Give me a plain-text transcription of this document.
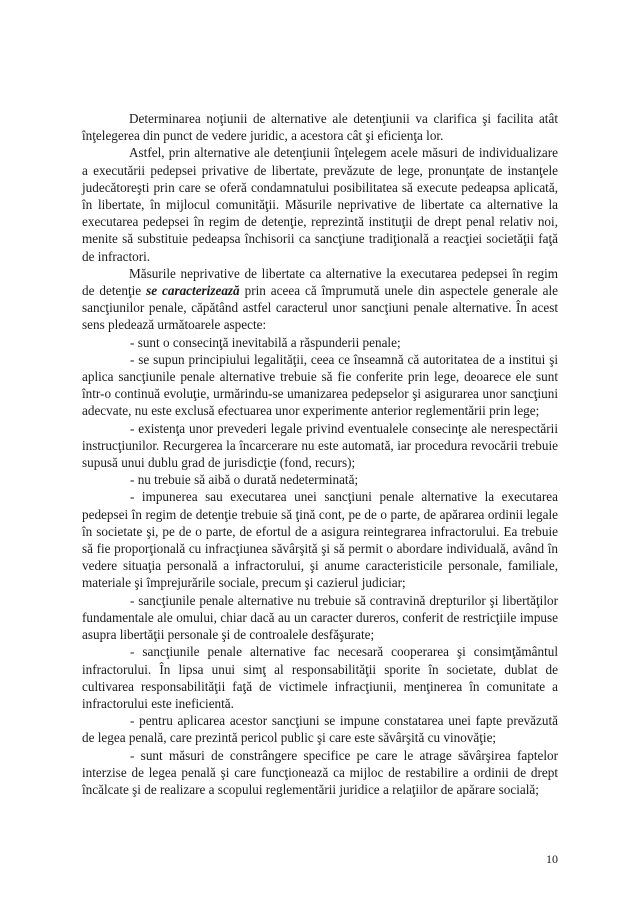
Determinarea noţiunii de alternative ale detenţiunii va clarifica şi facilita atât înţelegerea din punct de vedere juridic, a acestora cât şi eficienţa lor.

Astfel, prin alternative ale detenţiunii înţelegem acele măsuri de individualizare a executării pedepsei privative de libertate, prevăzute de lege, pronunţate de instanţele judecătoreşti prin care se oferă condamnatului posibilitatea să execute pedeapsa aplicată, în libertate, în mijlocul comunităţii. Măsurile neprivative de libertate ca alternative la executarea pedepsei în regim de detenţie, reprezintă instituţii de drept penal relativ noi, menite să substituie pedeapsa închisorii ca sancţiune tradiţională a reacţiei societăţii faţă de infractori.

Măsurile neprivative de libertate ca alternative la executarea pedepsei în regim de detenţie se caracterizează prin aceea că împrumută unele din aspectele generale ale sancţiunilor penale, căpătând astfel caracterul unor sancţiuni penale alternative. În acest sens pledează următoarele aspecte:

- sunt o consecinţă inevitabilă a răspunderii penale;

- se supun principiului legalităţii, ceea ce înseamnă că autoritatea de a institui şi aplica sancţiunile penale alternative trebuie să fie conferite prin lege, deoarece ele sunt într-o continuă evoluţie, urmărindu-se umanizarea pedepselor şi asigurarea unor sancţiuni adecvate, nu este exclusă efectuarea unor experimente anterior reglementării prin lege;

- existenţa unor prevederi legale privind eventualele consecinţe ale nerespectării instrucţiunilor. Recurgerea la încarcerare nu este automată, iar procedura revocării trebuie supusă unui dublu grad de jurisdicţie (fond, recurs);

- nu trebuie să aibă o durată nedeterminată;

- impunerea sau executarea unei sancţiuni penale alternative la executarea pedepsei în regim de detenţie trebuie să ţină cont, pe de o parte, de apărarea ordinii legale în societate şi, pe de o parte, de efortul de a asigura reintegrarea infractorului. Ea trebuie să fie proporţională cu infracţiunea săvârşită şi să permit o abordare individuală, având în vedere situaţia personală a infractorului, şi anume caracteristicile personale, familiale, materiale şi împrejurările sociale, precum şi cazierul judiciar;

- sancţiunile penale alternative nu trebuie să contravină drepturilor şi libertăţilor fundamentale ale omului, chiar dacă au un caracter dureros, conferit de restricţiile impuse asupra libertăţii personale şi de controalele desfăşurate;

- sancţiunile penale alternative fac necesară cooperarea şi consimţământul infractorului. În lipsa unui simţ al responsabilităţii sporite în societate, dublat de cultivarea responsabilităţii faţă de victimele infracţiunii, menţinerea în comunitate a infractorului este ineficientă.

- pentru aplicarea acestor sancţiuni se impune constatarea unei fapte prevăzută de legea penală, care prezintă pericol public şi care este săvârşită cu vinovăţie;

- sunt măsuri de constrângere specifice pe care le atrage săvârşirea faptelor interzise de legea penală şi care funcţionează ca mijloc de restabilire a ordinii de drept încălcate şi de realizare a scopului reglementării juridice a relaţiilor de apărare socială;

10
